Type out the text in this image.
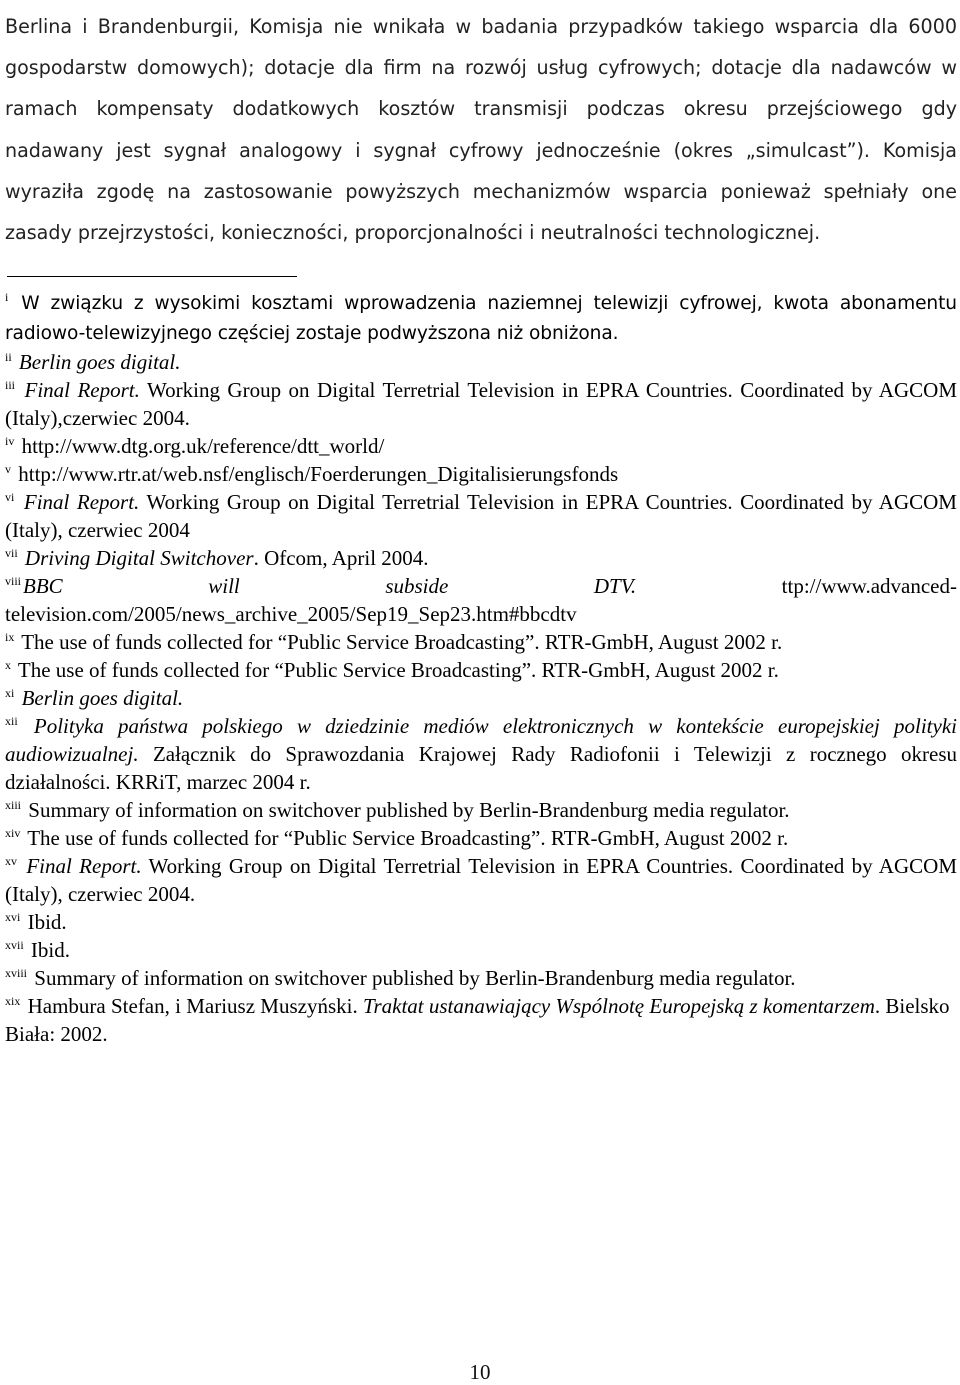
Berlina i Brandenburgii, Komisja nie wnikała w badania przypadków takiego wsparcia dla 6000 gospodarstw domowych); dotacje dla firm na rozwój usług cyfrowych; dotacje dla nadawców w ramach kompensaty dodatkowych kosztów transmisji podczas okresu przejściowego gdy nadawany jest sygnał analogowy i sygnał cyfrowy jednocześnie (okres „simulcast”). Komisja wyraziła zgodę na zastosowanie powyższych mechanizmów wsparcia ponieważ spełniały one zasady przejrzystości, konieczności, proporcjonalności i neutralności technologicznej.

$^i$ W związku z wysokimi kosztami wprowadzenia naziemnej telewizji cyfrowej, kwota abonamentu radiowo-telewizyjnego częściej zostaje podwyższona niż obniżona.

$^{ii}$ Berlin goes digital.

$^{iii}$ Final Report. Working Group on Digital Terretrial Television in EPRA Countries. Coordinated by AGCOM (Italy),czerwiec 2004.

$^{iv}$ http://www.dtg.org.uk/reference/dtt_world/

$^v$ http://www.rtr.at/web.nsf/englisch/Foerderungen_Digitalisierungsfonds

$^{vi}$ Final Report. Working Group on Digital Terretrial Television in EPRA Countries. Coordinated by AGCOM (Italy), czerwiec 2004

$^{vii}$ Driving Digital Switchover. Ofcom, April 2004.

$^{viii}$BBC will subside DTV. ttp://www.advanced-television.com/2005/news_archive_2005/Sep19_Sep23.htm#bbcdtv

$^{ix}$ The use of funds collected for “Public Service Broadcasting”. RTR-GmbH, August 2002 r.

$^x$ The use of funds collected for “Public Service Broadcasting”. RTR-GmbH, August 2002 r.

$^{xi}$ Berlin goes digital.

$^{xii}$ Polityka państwa polskiego w dziedzinie mediów elektronicznych w kontekście europejskiej polityki audiowizualnej. Załącznik do Sprawozdania Krajowej Rady Radiofonii i Telewizji z rocznego okresu działalności. KRRiT, marzec 2004 r.

$^{xiii}$ Summary of information on switchover published by Berlin-Brandenburg media regulator.

$^{xiv}$ The use of funds collected for “Public Service Broadcasting”. RTR-GmbH, August 2002 r.

$^{xv}$ Final Report. Working Group on Digital Terretrial Television in EPRA Countries. Coordinated by AGCOM (Italy), czerwiec 2004.

$^{xvi}$ Ibid.

$^{xvii}$ Ibid.

$^{xviii}$ Summary of information on switchover published by Berlin-Brandenburg media regulator.

$^{xix}$ Hambura Stefan, i Mariusz Muszyński. Traktat ustanawiający Wspólnotę Europejską z komentarzem. Bielsko

Biała: 2002.

10
